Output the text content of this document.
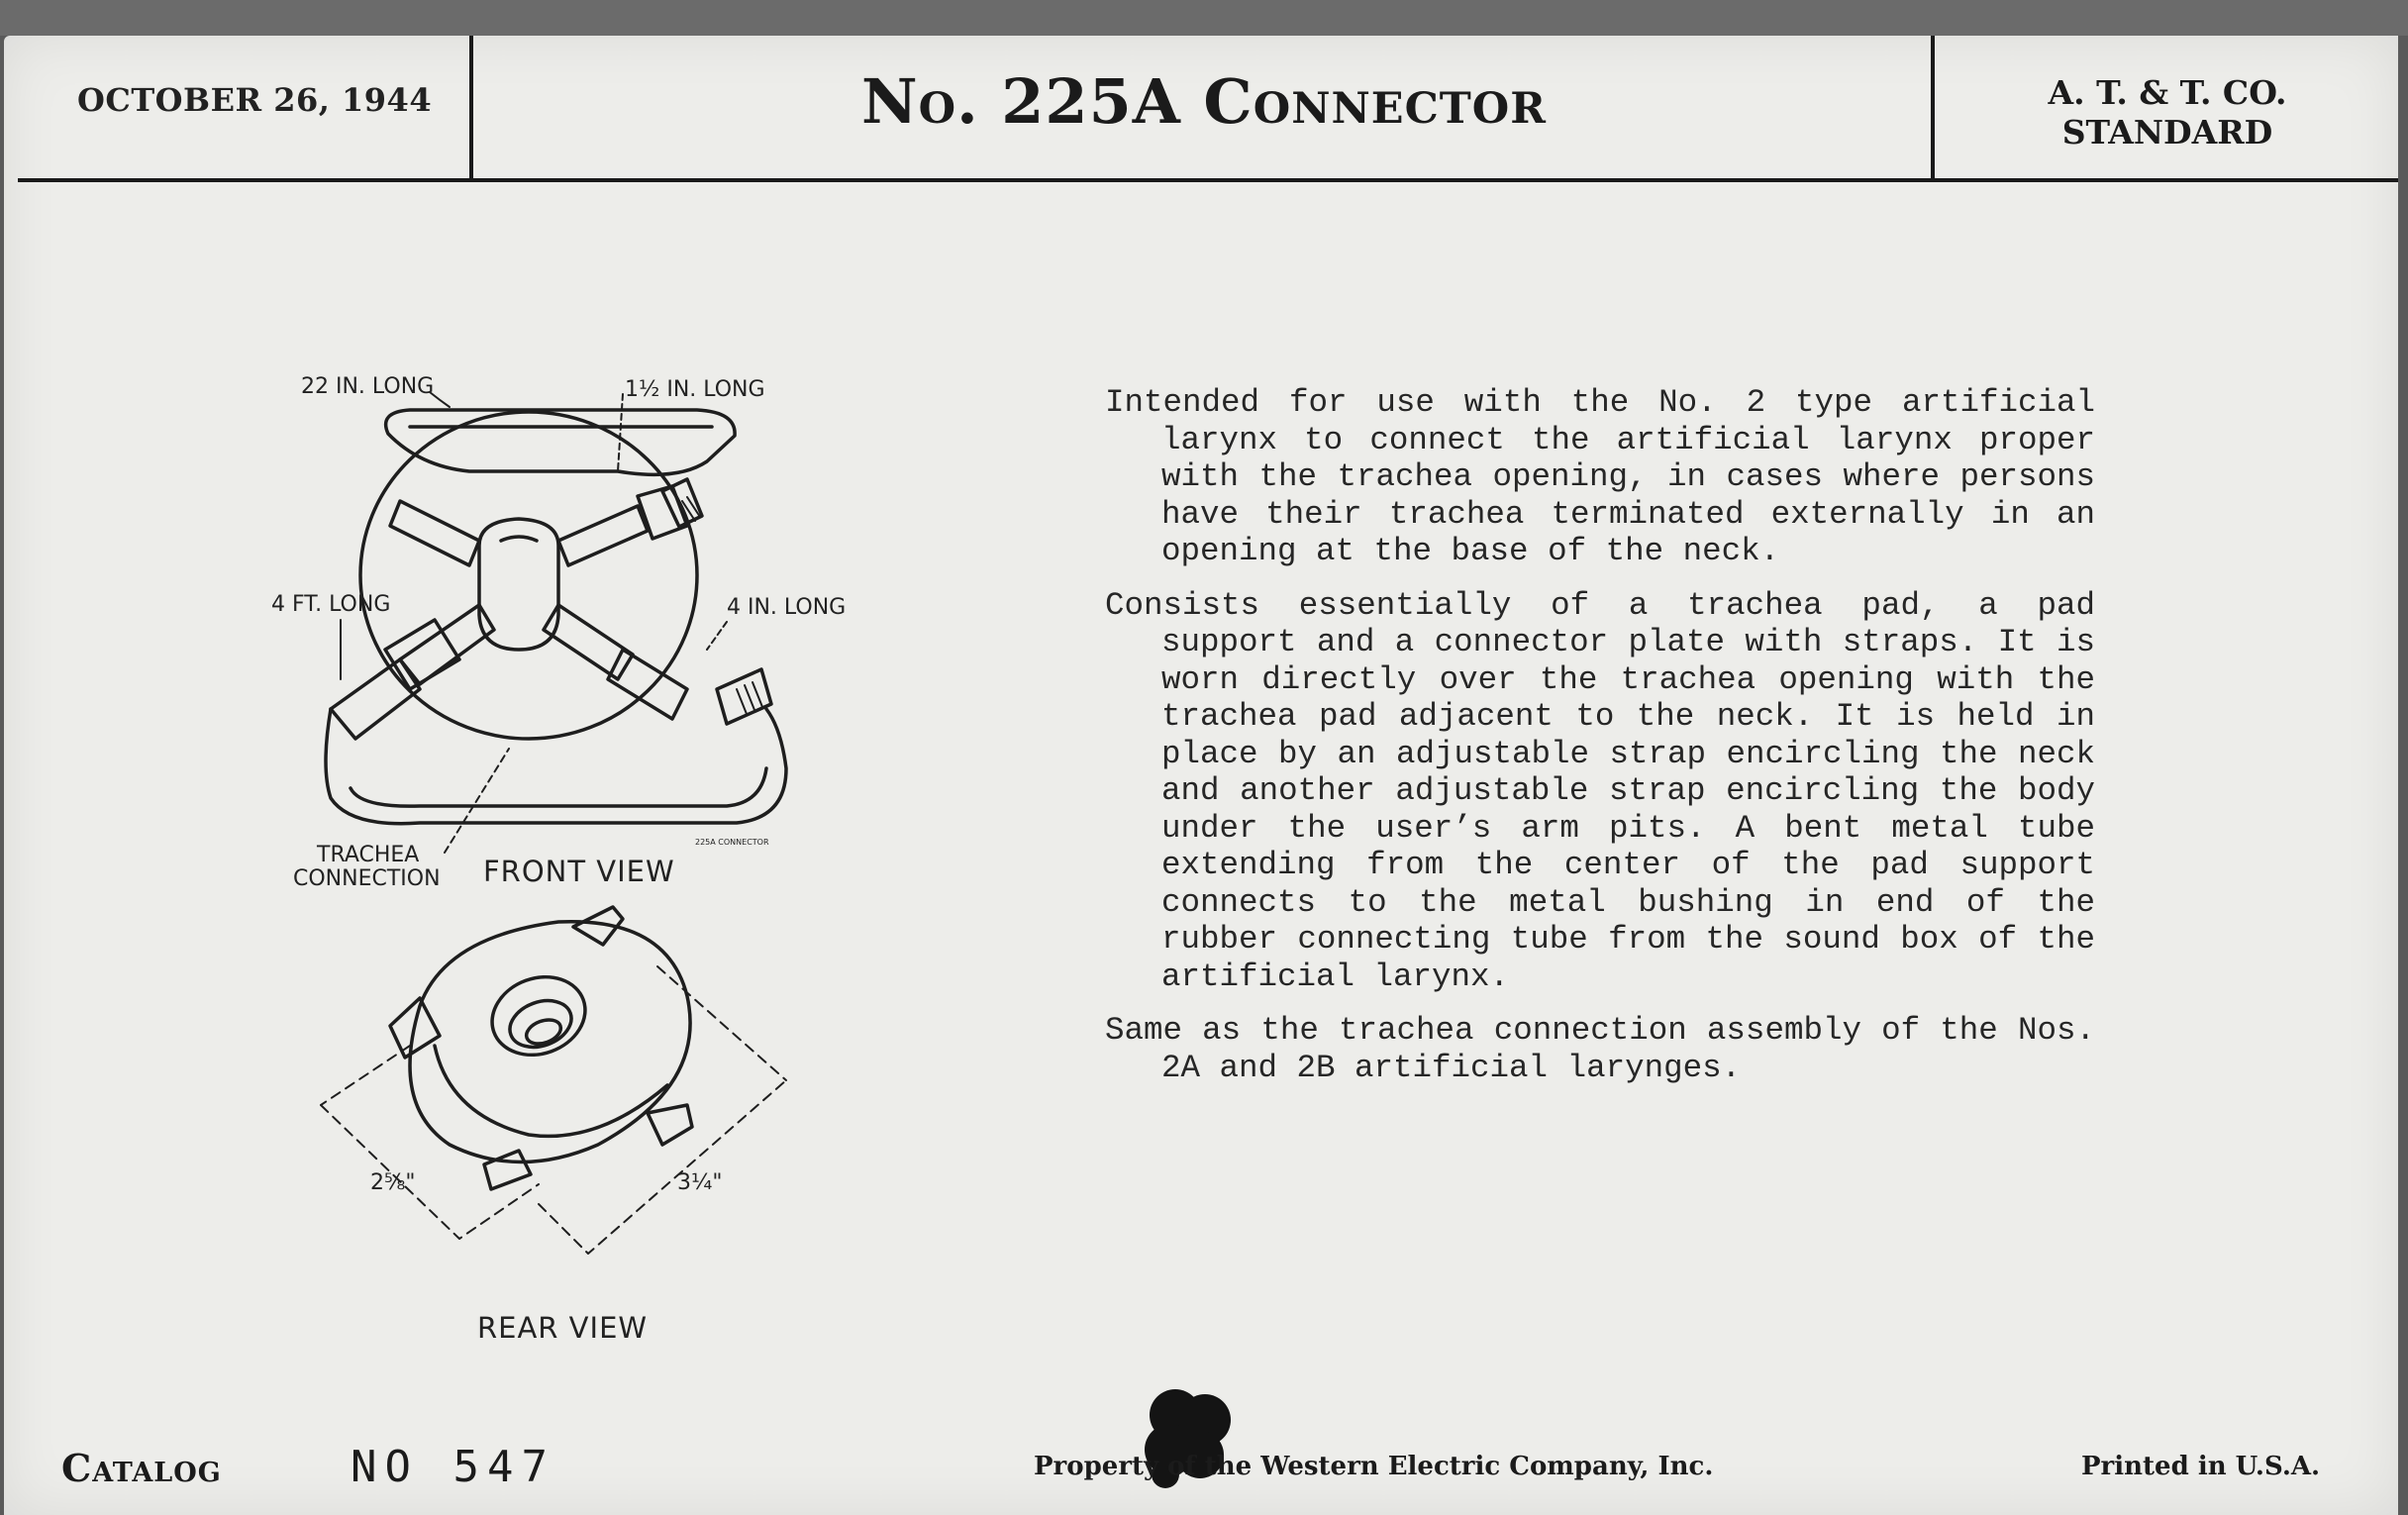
OCTOBER 26, 1944	No. 225A Connector	A. T. & T. CO.
STANDARD
22 IN. LONG	1½ IN. LONG
4 FT. LONG	4 IN. LONG
TRACHEA
CONNECTION FRONT VIEW
225A CONNECTOR
2⅝"	3¼"
REAR VIEW

Intended for use with the No. 2 type artificial larynx to connect the artificial larynx proper with the trachea opening, in cases where persons have their trachea terminated externally in an opening at the base of the neck.

Consists essentially of a trachea pad, a pad support and a connector plate with straps. It is worn directly over the trachea opening with the trachea pad adjacent to the neck. It is held in place by an adjustable strap encircling the neck and another adjustable strap encircling the body under the user’s arm pits. A bent metal tube extending from the center of the pad support connects to the metal bushing in end of the rubber connecting tube from the sound box of the artificial larynx.

Same as the trachea connection assembly of the Nos. 2A and 2B artificial larynges.

Catalog	NO 547	Property of the Western Electric Company, Inc.	Printed in U.S.A.
